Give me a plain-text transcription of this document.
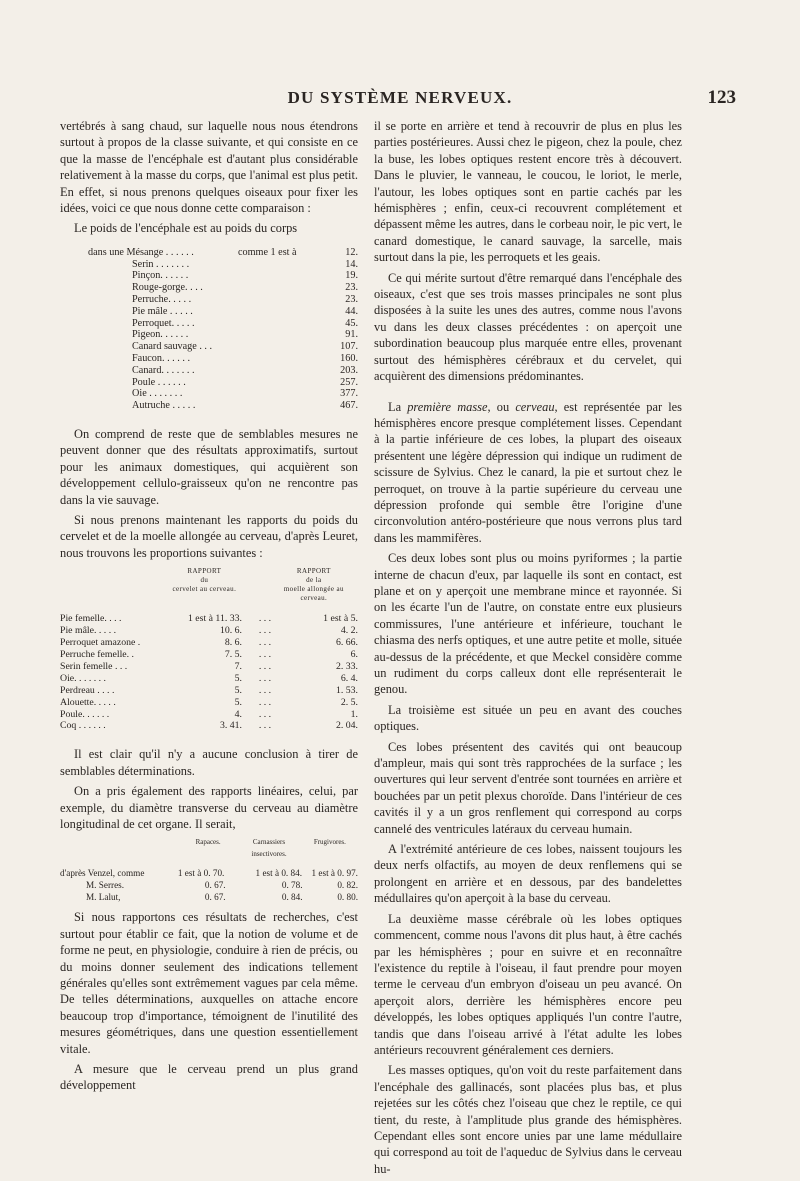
DU SYSTÈME NERVEUX.	123

vertébrés à sang chaud, sur laquelle nous nous étendrons surtout à propos de la classe suivante, et qui consiste en ce que la masse de l'encéphale est d'autant plus considérable relativement à la masse du corps, que l'animal est plus petit. En effet, si nous prenons quelques oiseaux pour fixer les idées, voici ce que nous donne cette comparaison :

Le poids de l'encéphale est au poids du corps

dans une Mésange . . . . . .	comme 1 est à	12.
Serin . . . . . . .	14.
Pinçon. . . . . .	19.
Rouge-gorge. . . .	23.
Perruche. . . . .	23.
Pie mâle . . . . .	44.
Perroquet. . . . .	45.
Pigeon. . . . . .	91.
Canard sauvage . . .	107.
Faucon. . . . . .	160.
Canard. . . . . . .	203.
Poule . . . . . .	257.
Oie . . . . . . .	377.
Autruche . . . . .	467.

On comprend de reste que de semblables mesures ne peuvent donner que des résultats approximatifs, surtout pour les animaux domestiques, qui acquièrent son développement cellulo-graisseux qu'on ne rencontre pas dans la vie sauvage.

Si nous prenons maintenant les rapports du poids du cervelet et de la moelle allongée au cerveau, d'après Leuret, nous trouvons les proportions suivantes :

RAPPORT
du
cervelet au cerveau.
RAPPORT
de la
moelle allongée au cerveau.
Pie femelle. . . .	1 est à 11. 33.	. . .	1 est à 5.
Pie mâle. . . . .	10. 6.	. . .	4. 2.
Perroquet amazone .	8. 6.	. . .	6. 66.
Perruche femelle. .	7. 5.	. . .	6.
Serin femelle . . .	7.	. . .	2. 33.
Oie. . . . . . .	5.	. . .	6. 4.
Perdreau . . . .	5.	. . .	1. 53.
Alouette. . . . .	5.	. . .	2. 5.
Poule. . . . . .	4.	. . .	1.
Coq . . . . . .	3. 41.	. . .	2. 04.

Il est clair qu'il n'y a aucune conclusion à tirer de semblables déterminations.

On a pris également des rapports linéaires, celui, par exemple, du diamètre transverse du cerveau au diamètre longitudinal de cet organe. Il serait,

Rapaces.	Carnassiers insectivores.
Frugivores.
d'après Venzel, comme	1 est à 0. 70.	1 est à 0. 84.	1 est à 0. 97.
M. Serres.	0. 67.	0. 78.	0. 82.
M. Lalut,	0. 67.	0. 84.	0. 80.

Si nous rapportons ces résultats de recherches, c'est surtout pour établir ce fait, que la notion de volume et de forme ne peut, en physiologie, conduire à rien de précis, ou du moins donner seulement des indications tellement générales qu'elles sont extrêmement vagues par cela même. De telles déterminations, auxquelles on attache encore beaucoup trop d'importance, témoignent de l'inutilité des mesures géométriques, dans une question essentiellement vitale.

A mesure que le cerveau prend un plus grand développement

il se porte en arrière et tend à recouvrir de plus en plus les parties postérieures. Aussi chez le pigeon, chez la poule, chez la buse, les lobes optiques restent encore très à découvert. Dans le pluvier, le vanneau, le coucou, le loriot, le merle, l'autour, les lobes optiques sont en partie cachés par les hémisphères ; enfin, ceux-ci recouvrent complétement et dépassent même les autres, dans le corbeau noir, le pic vert, le canard domestique, le canard sauvage, la sarcelle, mais surtout dans la pie, les perroquets et les geais.

Ce qui mérite surtout d'être remarqué dans l'encéphale des oiseaux, c'est que ses trois masses principales ne sont plus disposées à la suite les unes des autres, comme nous l'avons vu dans les deux classes précédentes : on aperçoit une subordination beaucoup plus marquée entre elles, provenant surtout des hémisphères cérébraux et du cervelet, qui acquièrent des dimensions prédominantes.

La première masse, ou cerveau, est représentée par les hémisphères encore presque complétement lisses. Cependant à la partie inférieure de ces lobes, la plupart des oiseaux présentent une légère dépression qui indique un rudiment de scissure de Sylvius. Chez le canard, la pie et surtout chez le perroquet, on trouve à la partie supérieure du cerveau une dépression profonde qui semble être l'origine d'une circonvolution antéro-postérieure que nous verrons plus tard dans les mammifères.

Ces deux lobes sont plus ou moins pyriformes ; la partie interne de chacun d'eux, par laquelle ils sont en contact, est plane et on y aperçoit une membrane mince et rayonnée. Si on les écarte l'un de l'autre, on constate entre eux plusieurs commissures, l'une antérieure et inférieure, touchant le chiasma des nerfs optiques, et une autre petite et molle, située au-dessus de la précédente, et que Meckel considère comme un rudiment du corps calleux dont elle représenterait le genou.

La troisième est située un peu en avant des couches optiques.

Ces lobes présentent des cavités qui ont beaucoup d'ampleur, mais qui sont très rapprochées de la surface ; les ouvertures qui leur servent d'entrée sont tournées en arrière et bouchées par un petit plexus choroïde. Dans l'intérieur de ces cavités il y a un gros renflement qui correspond au corps cannelé des ventricules latéraux du cerveau humain.

A l'extrémité antérieure de ces lobes, naissent toujours les deux nerfs olfactifs, au moyen de deux renflemens qui se prolongent en arrière et en dessous, par des bandelettes médullaires qu'on aperçoit à la base du cerveau.

La deuxième masse cérébrale où les lobes optiques commencent, comme nous l'avons dit plus haut, à être cachés par les hémisphères ; pour en suivre et en reconnaître l'existence du reptile à l'oiseau, il faut prendre pour moyen terme le cerveau d'un embryon d'oiseau un peu avancé. On aperçoit alors, derrière les hémisphères encore peu développés, les lobes optiques appliqués l'un contre l'autre, tandis que dans l'oiseau arrivé à l'état adulte les lobes antérieurs recouvrent généralement ces derniers.

Les masses optiques, qu'on voit du reste parfaitement dans l'encéphale des gallinacés, sont placées plus bas, et plus rejetées sur les côtés chez l'oiseau que chez le reptile, ce qui tient, du reste, à l'amplitude plus grande des hémisphères. Cependant elles sont encore unies par une lame médullaire qui correspond au toit de l'aqueduc de Sylvius dans le cerveau hu-
